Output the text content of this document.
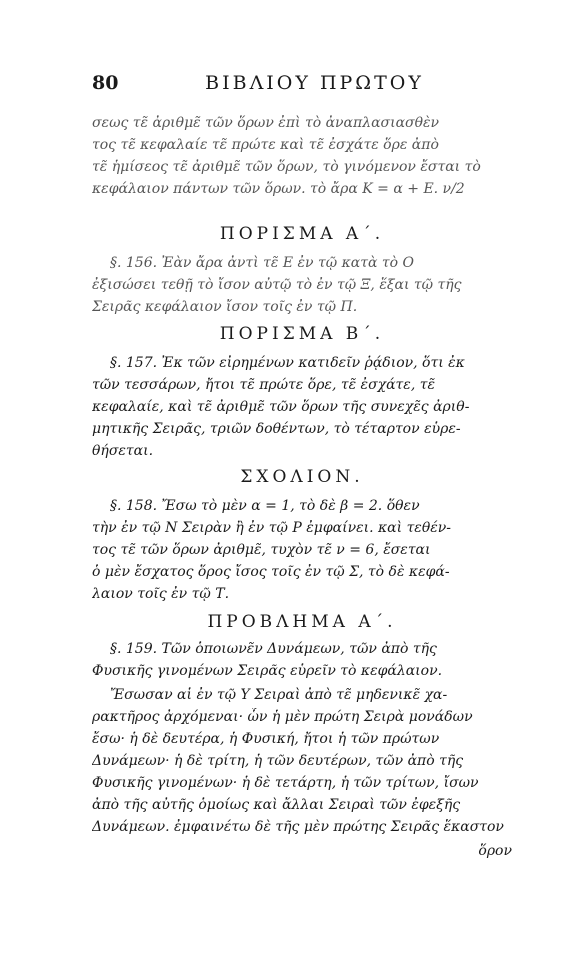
80	ΒΙΒΛΙΟΥ ΠΡΩΤΟΥ
σεως τε̃ ἀριθμε̃ τῶν ὅρων ἐπὶ τὸ ἀναπλασιασθὲν
τος τε̃ κεφαλαίε τε̃ πρώτε καὶ τε̃ ἐσχάτε ὅρε ἀπὸ
τε̃ ἡμίσεος τε̃ ἀριθμε̃ τῶν ὅρων, τὸ γινόμενον ἔσται τὸ
κεφάλαιον πάντων τῶν ὅρων. τὸ ἄρα Κ = α + Ε. ν/2
ΠΟΡΙΣΜΑ Α΄.
§. 156. Ἐὰν ἄρα ἀντὶ τε̃ Ε ἐν τῷ κατὰ τὸ Ο
ἐξισώσει τεθῇ τὸ ἴσον αὐτῷ τὸ ἐν τῷ Ξ, ἕξαι τῷ τῆς
Σειρᾶς κεφάλαιον ἴσον τοῖς ἐν τῷ Π.
ΠΟΡΙΣΜΑ Β΄.
§. 157. Ἐκ τῶν εἰρημένων κατιδεῖν ῥᾴδιον, ὅτι ἐκ
τῶν τεσσάρων, ἤτοι τε̃ πρώτε ὅρε, τε̃ ἐσχάτε, τε̃
κεφαλαίε, καὶ τε̃ ἀριθμε̃ τῶν ὅρων τῆς συνεχε̃ς ἀριθ-
μητικῆς Σειρᾶς, τριῶν δοθέντων, τὸ τέταρτον εὑρε-
θήσεται.
ΣΧΟΛΙΟΝ.
§. 158. Ἔσω τὸ μὲν α = 1, τὸ δὲ β = 2. ὅθεν
τὴν ἐν τῷ Ν Σειρὰν ἢ ἐν τῷ Ρ ἐμφαίνει. καὶ τεθέν-
τος τε̃ τῶν ὅρων ἀριθμε̃, τυχὸν τε̃ ν = 6, ἔσεται
ὁ μὲν ἔσχατος ὅρος ἴσος τοῖς ἐν τῷ Σ, τὸ δὲ κεφά-
λαιον τοῖς ἐν τῷ Τ.
ΠΡΟΒΛΗΜΑ Α΄.
§. 159. Τῶν ὁποιωνε̃ν Δυνάμεων, τῶν ἀπὸ τῆς
Φυσικῆς γινομένων Σειρᾶς εὑρεῖν τὸ κεφάλαιον.
Ἔσωσαν αἱ ἐν τῷ Υ Σειραὶ ἀπὸ τε̃ μηδενικε̃ χα-
ρακτῆρος ἀρχόμεναι· ὧν ἡ μὲν πρώτη Σειρὰ μονάδων
ἔσω· ἡ δὲ δευτέρα, ἡ Φυσική, ἤτοι ἡ τῶν πρώτων
Δυνάμεων· ἡ δὲ τρίτη, ἡ τῶν δευτέρων, τῶν ἀπὸ τῆς
Φυσικῆς γινομένων· ἡ δὲ τετάρτη, ἡ τῶν τρίτων, ἴσων
ἀπὸ τῆς αὐτῆς ὁμοίως καὶ ἄλλαι Σειραὶ τῶν ἐφεξῆς
Δυνάμεων. ἐμφαινέτω δὲ τῆς μὲν πρώτης Σειρᾶς ἕκαστον
ὅρον
